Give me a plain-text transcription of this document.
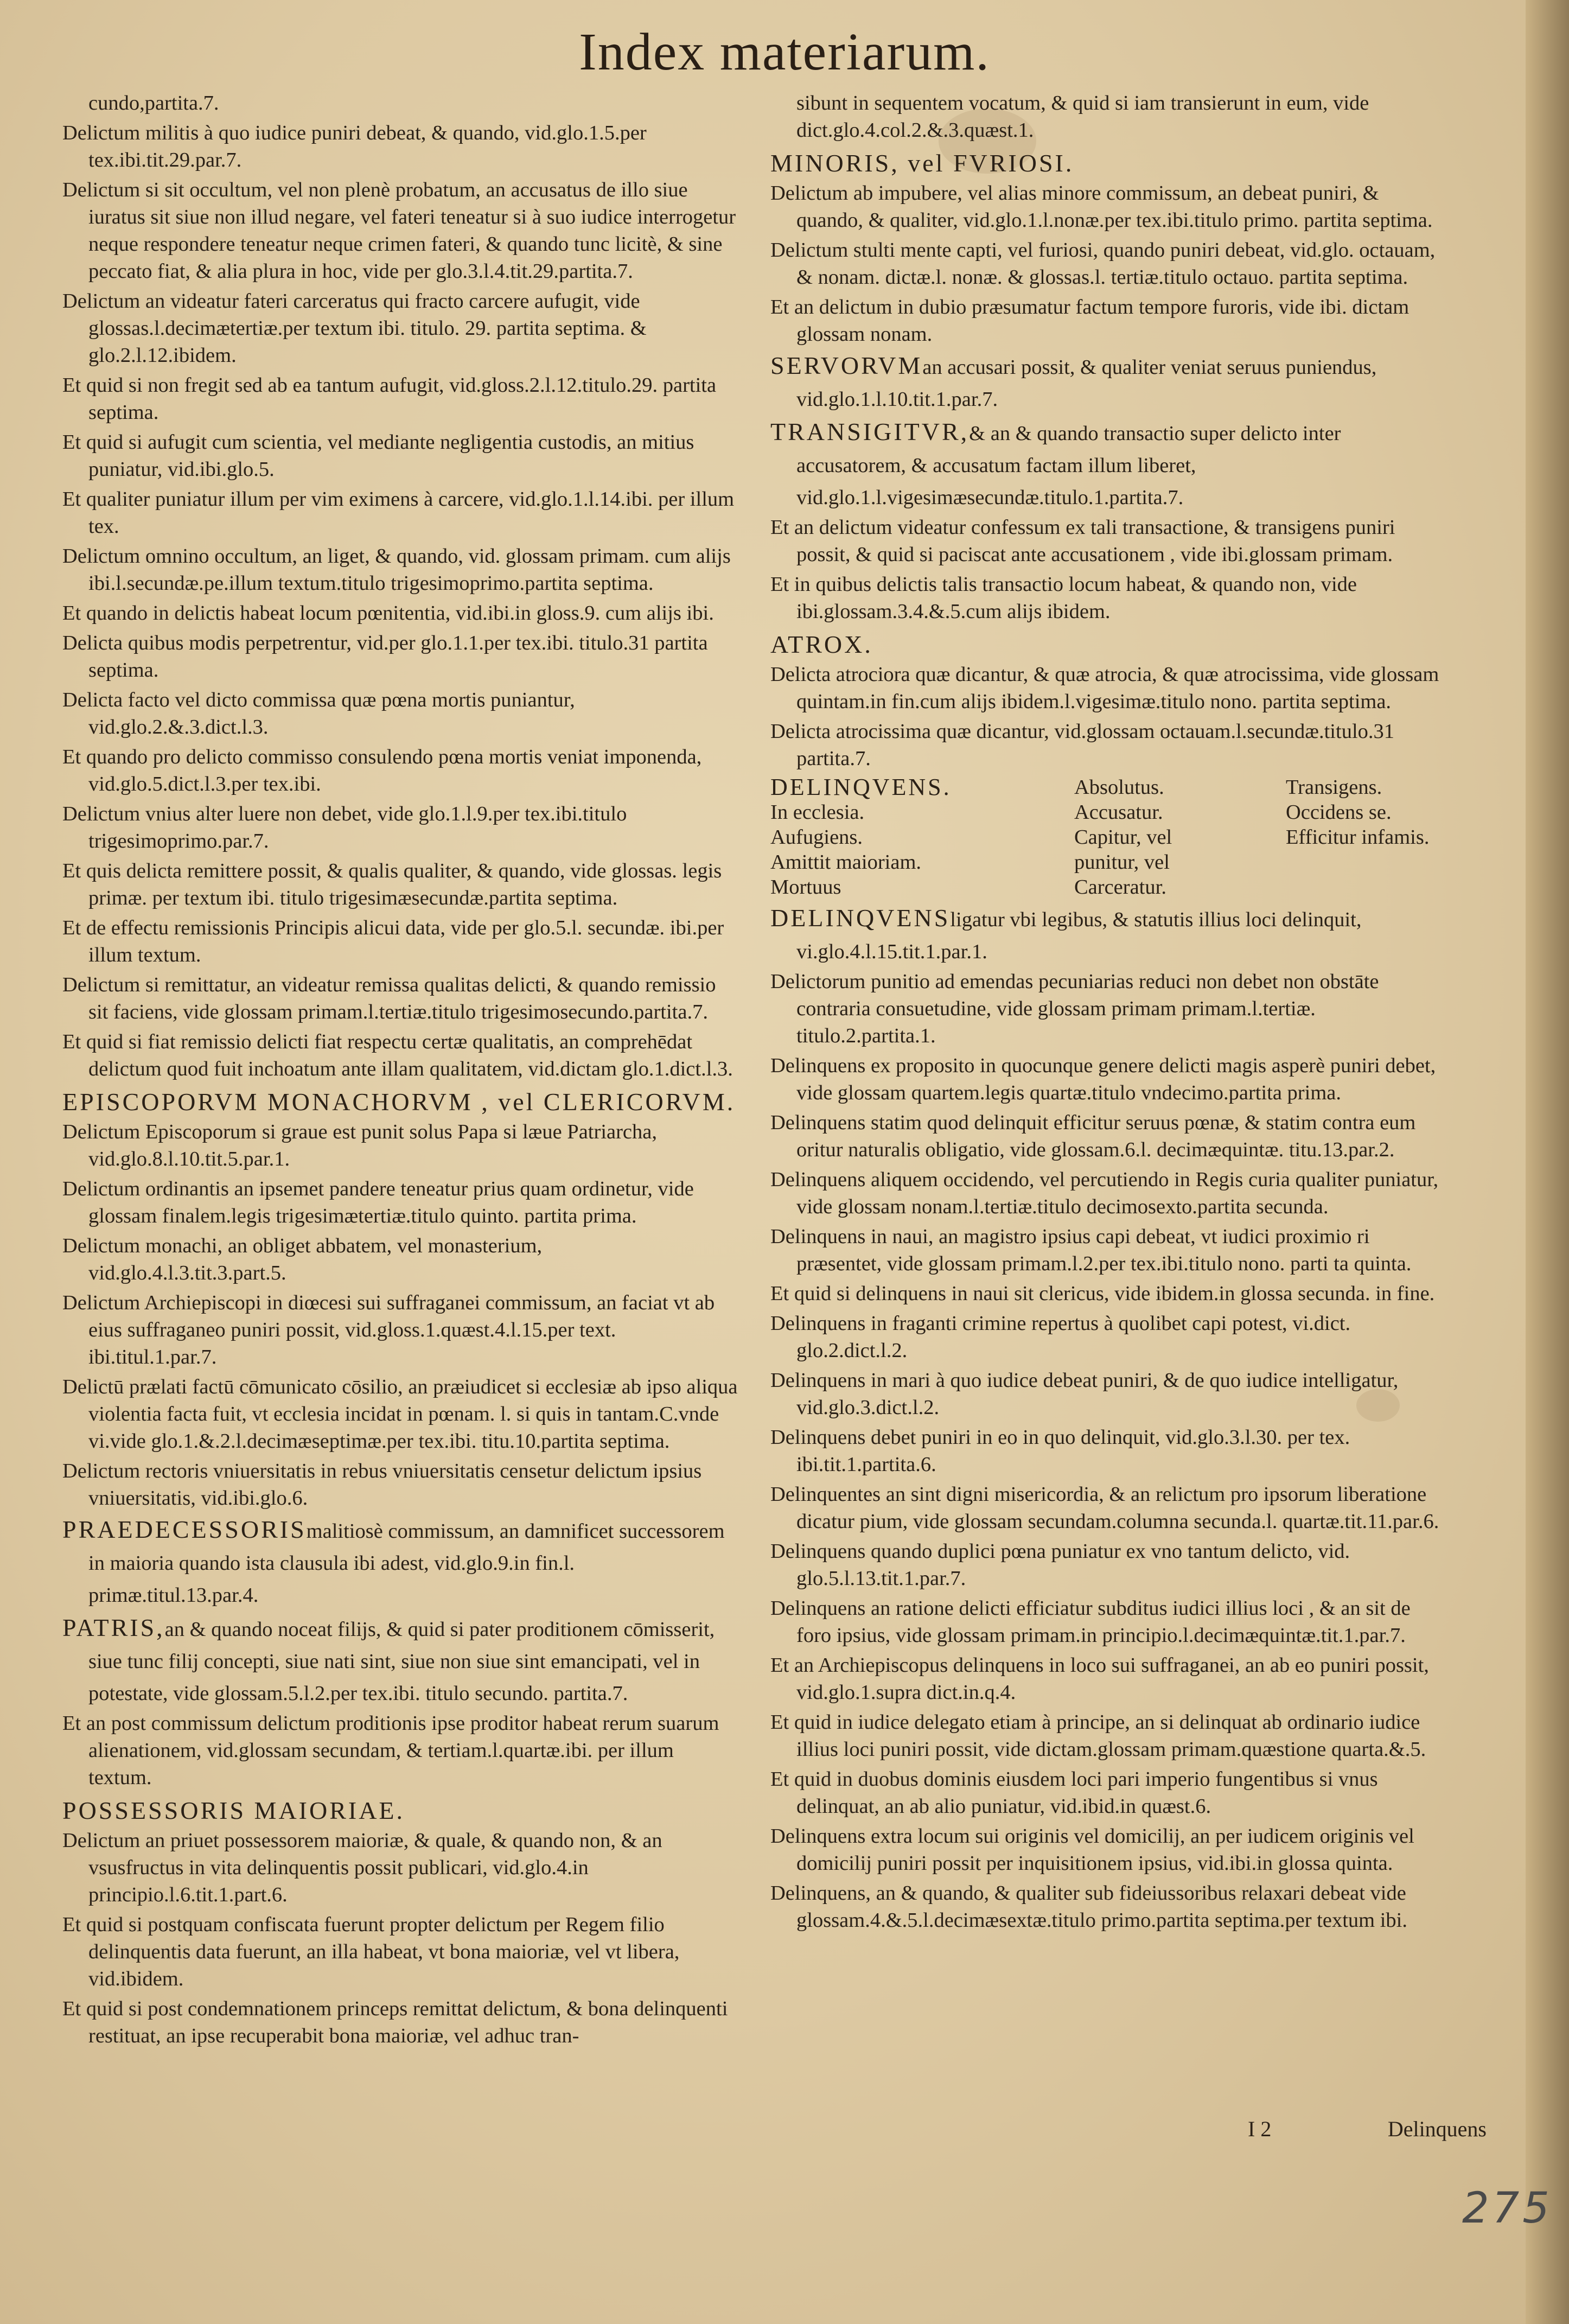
Index materiarum.
cundo,partita.7.
Delictum militis à quo iudice puniri debeat, & quando, vid.glo.1.5.per tex.ibi.tit.29.par.7.
Delictum si sit occultum, vel non plenè probatum, an accusatus de illo siue iuratus sit siue non illud negare, vel fateri teneatur si à suo iudice interrogetur neque respondere teneatur neque crimen fateri, & quando tunc licitè, & sine peccato fiat, & alia plura in hoc, vide per glo.3.l.4.tit.29.partita.7.
Delictum an videatur fateri carceratus qui fracto carcere aufugit, vide glossas.l.decimætertiæ.per textum ibi. titulo. 29. partita septima. & glo.2.l.12.ibidem.
Et quid si non fregit sed ab ea tantum aufugit, vid.gloss.2.l.12.titulo.29. partita septima.
Et quid si aufugit cum scientia, vel mediante negligentia custodis, an mitius puniatur, vid.ibi.glo.5.
Et qualiter puniatur illum per vim eximens à carcere, vid.glo.1.l.14.ibi. per illum tex.
Delictum omnino occultum, an liget, & quando, vid. glossam primam. cum alijs ibi.l.secundæ.pe.illum textum.titulo trigesimoprimo.partita septima.
Et quando in delictis habeat locum pœnitentia, vid.ibi.in gloss.9. cum alijs ibi.
Delicta quibus modis perpetrentur, vid.per glo.1.1.per tex.ibi. titulo.31 partita septima.
Delicta facto vel dicto commissa quæ pœna mortis puniantur, vid.glo.2.&.3.dict.l.3.
Et quando pro delicto commisso consulendo pœna mortis veniat imponenda, vid.glo.5.dict.l.3.per tex.ibi.
Delictum vnius alter luere non debet, vide glo.1.l.9.per tex.ibi.titulo trigesimoprimo.par.7.
Et quis delicta remittere possit, & qualis qualiter, & quando, vide glossas. legis primæ. per textum ibi. titulo trigesimæsecundæ.partita septima.
Et de effectu remissionis Principis alicui data, vide per glo.5.l. secundæ. ibi.per illum textum.
Delictum si remittatur, an videatur remissa qualitas delicti, & quando remissio sit faciens, vide glossam primam.l.tertiæ.titulo trigesimosecundo.partita.7.
Et quid si fiat remissio delicti fiat respectu certæ qualitatis, an comprehēdat delictum quod fuit inchoatum ante illam qualitatem, vid.dictam glo.1.dict.l.3.
EPISCOPORVM MONACHORVM , vel CLERICORVM.
Delictum Episcoporum si graue est punit solus Papa si læue Patriarcha, vid.glo.8.l.10.tit.5.par.1.
Delictum ordinantis an ipsemet pandere teneatur prius quam ordinetur, vide glossam finalem.legis trigesimætertiæ.titulo quinto. partita prima.
Delictum monachi, an obliget abbatem, vel monasterium, vid.glo.4.l.3.tit.3.part.5.
Delictum Archiepiscopi in diœcesi sui suffraganei commissum, an faciat vt ab eius suffraganeo puniri possit, vid.gloss.1.quæst.4.l.15.per text. ibi.titul.1.par.7.
Delictū prælati factū cōmunicato cōsilio, an præiudicet si ecclesiæ ab ipso aliqua violentia facta fuit, vt ecclesia incidat in pœnam. l. si quis in tantam.C.vnde vi.vide glo.1.&.2.l.decimæseptimæ.per tex.ibi. titu.10.partita septima.
Delictum rectoris vniuersitatis in rebus vniuersitatis censetur delictum ipsius vniuersitatis, vid.ibi.glo.6.
PRAEDECESSORISmalitiosè commissum, an damnificet successorem in maioria quando ista clausula ibi adest, vid.glo.9.in fin.l. primæ.titul.13.par.4.
PATRIS,an & quando noceat filijs, & quid si pater proditionem cōmisserit, siue tunc filij concepti, siue nati sint, siue non siue sint emancipati, vel in potestate, vide glossam.5.l.2.per tex.ibi. titulo secundo. partita.7.
Et an post commissum delictum proditionis ipse proditor habeat rerum suarum alienationem, vid.glossam secundam, & tertiam.l.quartæ.ibi. per illum textum.
POSSESSORIS MAIORIAE.
Delictum an priuet possessorem maioriæ, & quale, & quando non, & an vsusfructus in vita delinquentis possit publicari, vid.glo.4.in principio.l.6.tit.1.part.6.
Et quid si postquam confiscata fuerunt propter delictum per Regem filio delinquentis data fuerunt, an illa habeat, vt bona maioriæ, vel vt libera, vid.ibidem.
Et quid si post condemnationem princeps remittat delictum, & bona delinquenti restituat, an ipse recuperabit bona maioriæ, vel adhuc tran-
sibunt in sequentem vocatum, & quid si iam transierunt in eum, vide dict.glo.4.col.2.&.3.quæst.1.
MINORIS, vel FVRIOSI.
Delictum ab impubere, vel alias minore commissum, an debeat puniri, & quando, & qualiter, vid.glo.1.l.nonæ.per tex.ibi.titulo primo. partita septima.
Delictum stulti mente capti, vel furiosi, quando puniri debeat, vid.glo. octauam, & nonam. dictæ.l. nonæ. & glossas.l. tertiæ.titulo octauo. partita septima.
Et an delictum in dubio præsumatur factum tempore furoris, vide ibi. dictam glossam nonam.
SERVORVMan accusari possit, & qualiter veniat seruus puniendus, vid.glo.1.l.10.tit.1.par.7.
TRANSIGITVR,& an & quando transactio super delicto inter accusatorem, & accusatum factam illum liberet, vid.glo.1.l.vigesimæsecundæ.titulo.1.partita.7.
Et an delictum videatur confessum ex tali transactione, & transigens puniri possit, & quid si paciscat ante accusationem , vide ibi.glossam primam.
Et in quibus delictis talis transactio locum habeat, & quando non, vide ibi.glossam.3.4.&.5.cum alijs ibidem.
ATROX.
Delicta atrociora quæ dicantur, & quæ atrocia, & quæ atrocissima, vide glossam quintam.in fin.cum alijs ibidem.l.vigesimæ.titulo nono. partita septima.
Delicta atrocissima quæ dicantur, vid.glossam octauam.l.secundæ.titulo.31 partita.7.
DELINQVENS.	Absolutus.	Transigens.
In ecclesia.	Accusatur.	Occidens se.
Aufugiens.	Capitur, vel	Efficitur infamis.
Amittit maioriam.	punitur, vel
Mortuus	Carceratur.
DELINQVENSligatur vbi legibus, & statutis illius loci delinquit, vi.glo.4.l.15.tit.1.par.1.
Delictorum punitio ad emendas pecuniarias reduci non debet non obstāte contraria consuetudine, vide glossam primam primam.l.tertiæ. titulo.2.partita.1.
Delinquens ex proposito in quocunque genere delicti magis asperè puniri debet, vide glossam quartem.legis quartæ.titulo vndecimo.partita prima.
Delinquens statim quod delinquit efficitur seruus pœnæ, & statim contra eum oritur naturalis obligatio, vide glossam.6.l. decimæquintæ. titu.13.par.2.
Delinquens aliquem occidendo, vel percutiendo in Regis curia qualiter puniatur, vide glossam nonam.l.tertiæ.titulo decimosexto.partita secunda.
Delinquens in naui, an magistro ipsius capi debeat, vt iudici proximio ri præsentet, vide glossam primam.l.2.per tex.ibi.titulo nono. parti ta quinta.
Et quid si delinquens in naui sit clericus, vide ibidem.in glossa secunda. in fine.
Delinquens in fraganti crimine repertus à quolibet capi potest, vi.dict. glo.2.dict.l.2.
Delinquens in mari à quo iudice debeat puniri, & de quo iudice intelligatur, vid.glo.3.dict.l.2.
Delinquens debet puniri in eo in quo delinquit, vid.glo.3.l.30. per tex. ibi.tit.1.partita.6.
Delinquentes an sint digni misericordia, & an relictum pro ipsorum liberatione dicatur pium, vide glossam secundam.columna secunda.l. quartæ.tit.11.par.6.
Delinquens quando duplici pœna puniatur ex vno tantum delicto, vid. glo.5.l.13.tit.1.par.7.
Delinquens an ratione delicti efficiatur subditus iudici illius loci , & an sit de foro ipsius, vide glossam primam.in principio.l.decimæquintæ.tit.1.par.7.
Et an Archiepiscopus delinquens in loco sui suffraganei, an ab eo puniri possit, vid.glo.1.supra dict.in.q.4.
Et quid in iudice delegato etiam à principe, an si delinquat ab ordinario iudice illius loci puniri possit, vide dictam.glossam primam.quæstione quarta.&.5.
Et quid in duobus dominis eiusdem loci pari imperio fungentibus si vnus delinquat, an ab alio puniatur, vid.ibid.in quæst.6.
Delinquens extra locum sui originis vel domicilij, an per iudicem originis vel domicilij puniri possit per inquisitionem ipsius, vid.ibi.in glossa quinta.
Delinquens, an & quando, & qualiter sub fideiussoribus relaxari debeat vide glossam.4.&.5.l.decimæsextæ.titulo primo.partita septima.per textum ibi.
I 2	Delinquens
275
